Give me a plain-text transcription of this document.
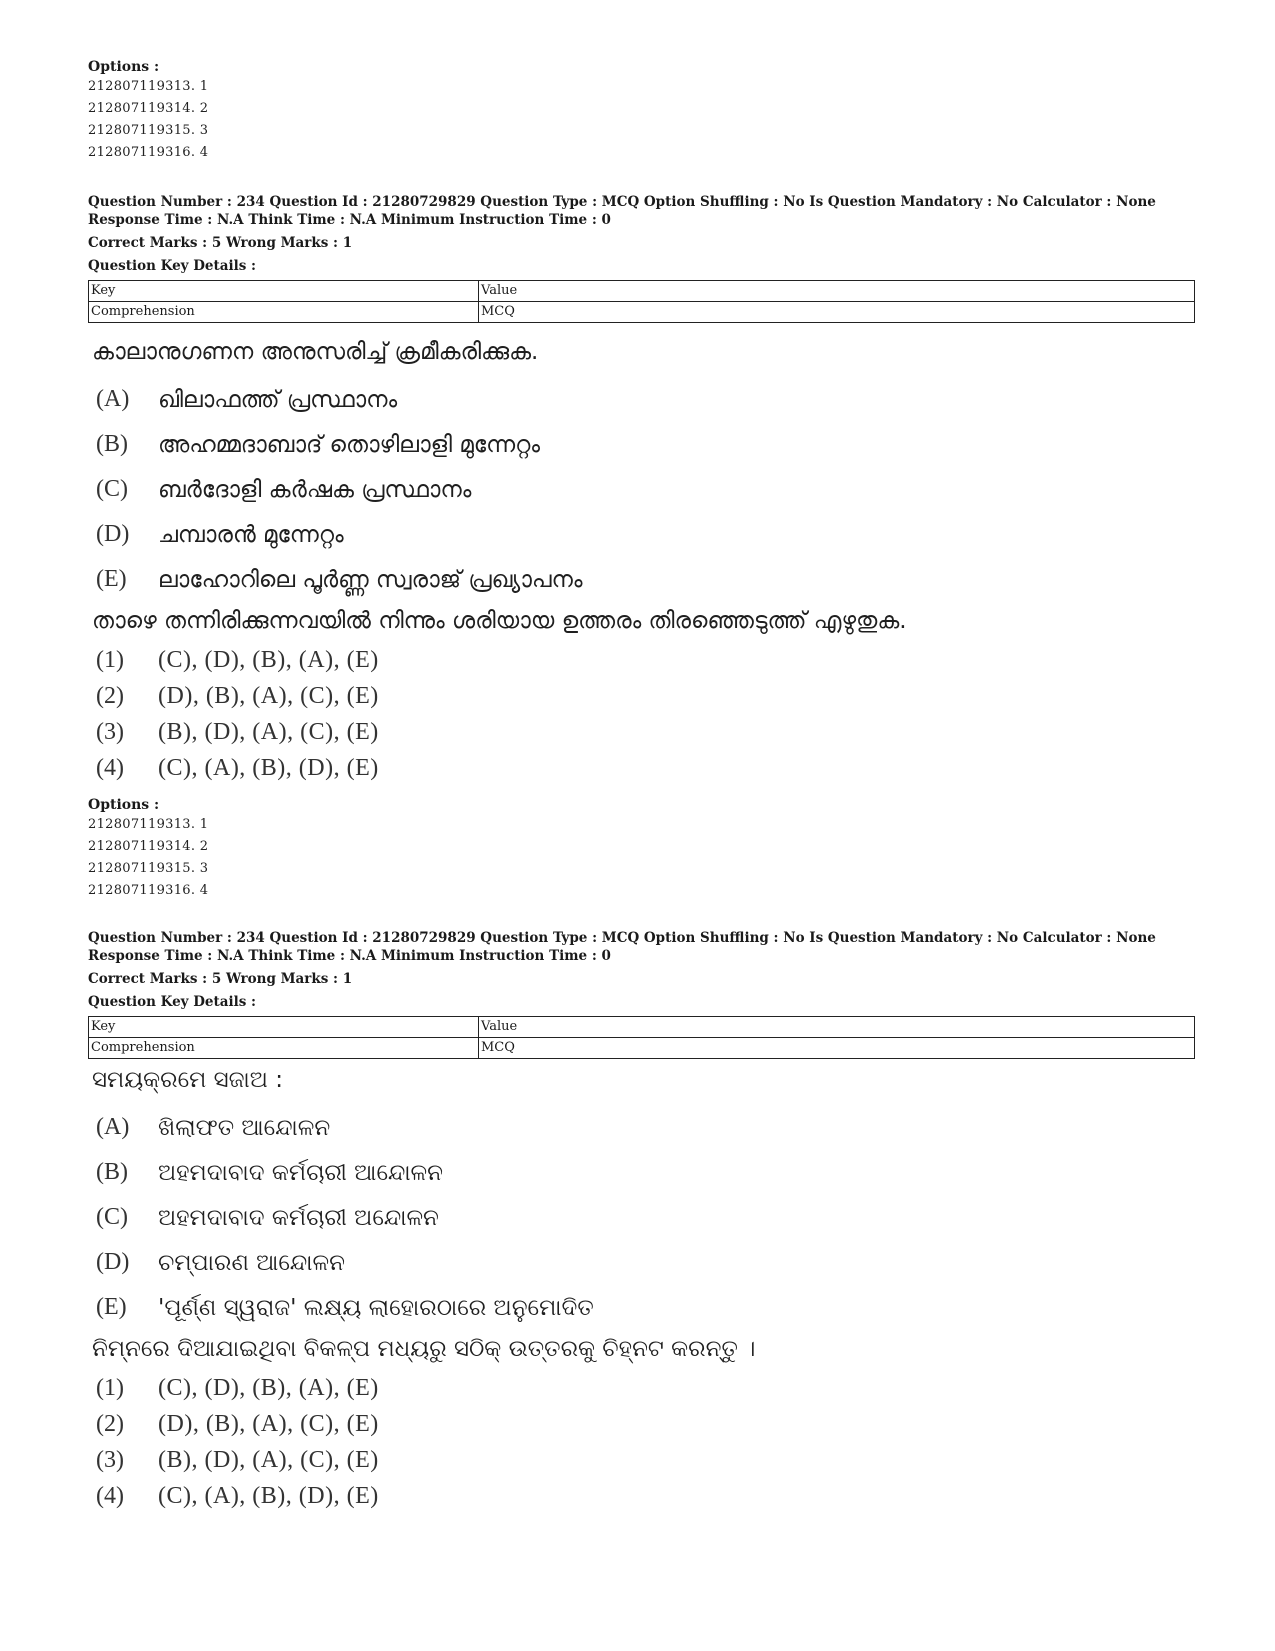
Options :

212807119313. 1

212807119314. 2

212807119315. 3

212807119316. 4

Question Number : 234 Question Id : 21280729829 Question Type : MCQ Option Shuffling : No Is Question Mandatory : No Calculator : None

Response Time : N.A Think Time : N.A Minimum Instruction Time : 0

Correct Marks : 5 Wrong Marks : 1

Question Key Details :

Key	Value
Comprehension	MCQ

കാലാനുഗണന അനുസരിച്ച് ക്രമീകരിക്കുക.

(A)	ഖിലാഫത്ത് പ്രസ്ഥാനം
(B)	അഹമ്മദാബാദ് തൊഴിലാളി മുന്നേറ്റം
(C)	ബർദോളി കർഷക പ്രസ്ഥാനം
(D)	ചമ്പാരൻ മുന്നേറ്റം
(E)	ലാഹോറിലെ പൂർണ്ണ സ്വരാജ് പ്രഖ്യാപനം

താഴെ തന്നിരിക്കുന്നവയിൽ നിന്നും ശരിയായ ഉത്തരം തിരഞ്ഞെടുത്ത് എഴുതുക.

(1)	(C), (D), (B), (A), (E)
(2)	(D), (B), (A), (C), (E)
(3)	(B), (D), (A), (C), (E)
(4)	(C), (A), (B), (D), (E)

Options :

212807119313. 1

212807119314. 2

212807119315. 3

212807119316. 4

Question Number : 234 Question Id : 21280729829 Question Type : MCQ Option Shuffling : No Is Question Mandatory : No Calculator : None

Response Time : N.A Think Time : N.A Minimum Instruction Time : 0

Correct Marks : 5 Wrong Marks : 1

Question Key Details :

Key	Value
Comprehension	MCQ

ସମୟକ୍ରମେ ସଜାଅ :

(A)	ଖିଲାଫତ ଆନ୍ଦୋଳନ
(B)	ଅହମଦାବାଦ କର୍ମଚାରୀ ଆନ୍ଦୋଳନ
(C)	ଅହମଦାବାଦ କର୍ମଚାରୀ ଅନ୍ଦୋଳନ
(D)	ଚମ୍ପାରଣ ଆନ୍ଦୋଳନ
(E)	'ପୂର୍ଣ୍ଣ ସ୍ୱରାଜ' ଲକ୍ଷ୍ୟ ଲାହୋରଠାରେ ଅନୁମୋଦିତ

ନିମ୍ନରେ ଦିଆଯାଇଥିବା ବିକଳ୍ପ ମଧ୍ୟରୁ ସଠିକ୍ ଉତ୍ତରକୁ ଚିହ୍ନଟ କରନ୍ତୁ ।

(1)	(C), (D), (B), (A), (E)
(2)	(D), (B), (A), (C), (E)
(3)	(B), (D), (A), (C), (E)
(4)	(C), (A), (B), (D), (E)
